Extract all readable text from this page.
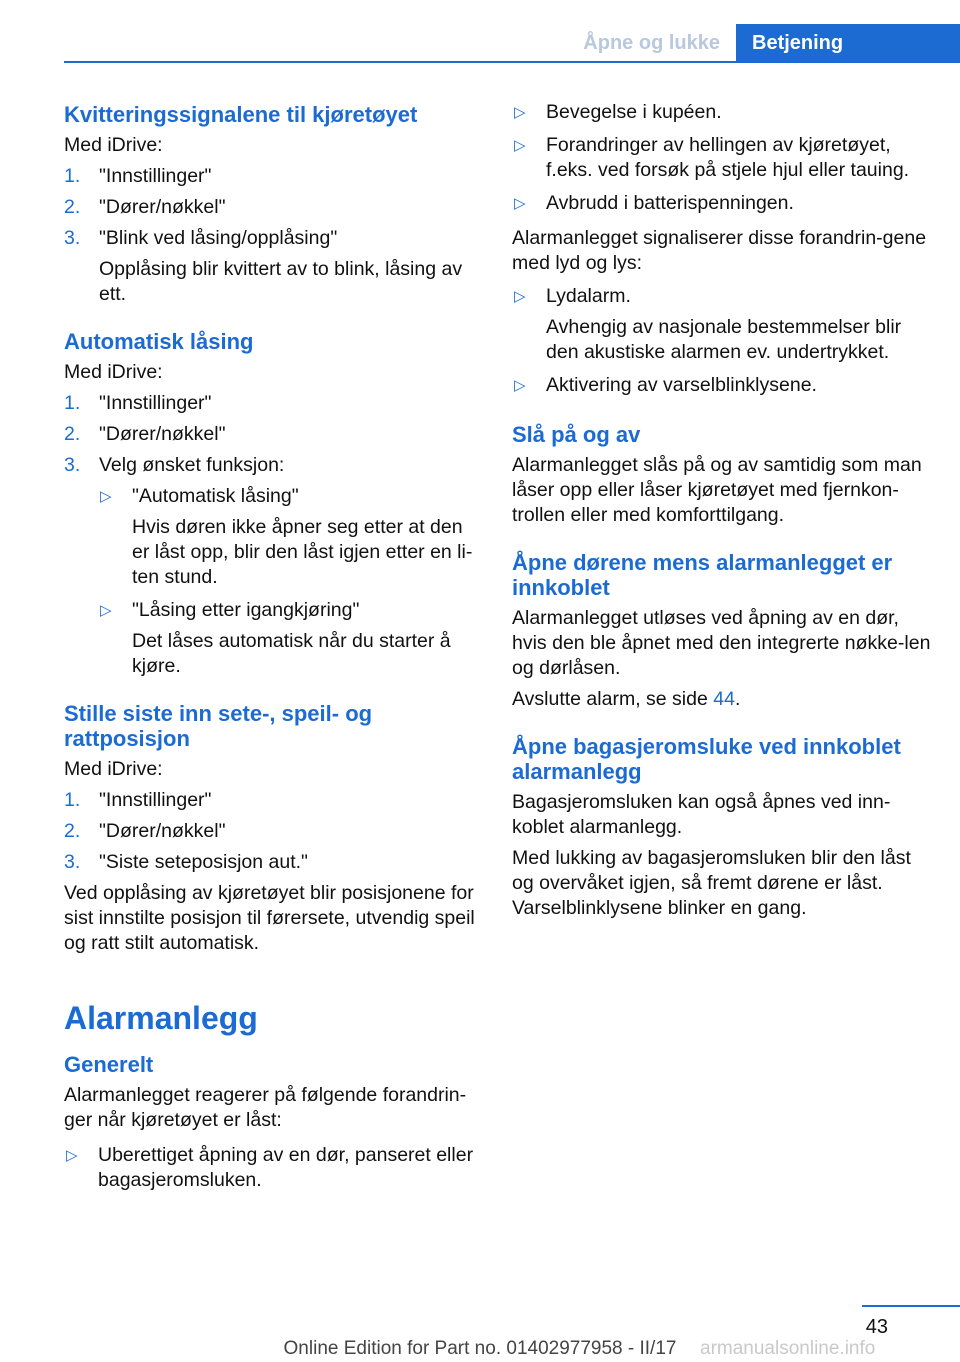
Åpne og lukke	Betjening
Kvitteringssignalene til kjøretøyet

Med iDrive:

1. "Innstillinger"
2. "Dører/nøkkel"
3. "Blink ved låsing/opplåsing"
Opplåsing blir kvittert av to blink, låsing av ett.
Automatisk låsing

Med iDrive:

1. "Innstillinger"
2. "Dører/nøkkel"
3. Velg ønsket funksjon:
▷ "Automatisk låsing"
Hvis døren ikke åpner seg etter at den er låst opp, blir den låst igjen etter en li‐ten stund.
▷ "Låsing etter igangkjøring"
Det låses automatisk når du starter å kjøre.
Stille siste inn sete-, speil- og rattposisjon

Med iDrive:

1. "Innstillinger"
2. "Dører/nøkkel"
3. "Siste seteposisjon aut."

Ved opplåsing av kjøretøyet blir posisjonene for sist innstilte posisjon til førersete, utvendig speil og ratt stilt automatisk.

Alarmanlegg
Generelt

Alarmanlegget reagerer på følgende forandrin‐ger når kjøretøyet er låst:

▷ Uberettiget åpning av en dør, panseret eller bagasjeromsluken.
▷ Bevegelse i kupéen.
▷ Forandringer av hellingen av kjøretøyet, f.eks. ved forsøk på stjele hjul eller tauing.
▷ Avbrudd i batterispenningen.

Alarmanlegget signaliserer disse forandrin‐gene med lyd og lys:

▷ Lydalarm.
Avhengig av nasjonale bestemmelser blir den akustiske alarmen ev. undertrykket.
▷ Aktivering av varselblinklysene.
Slå på og av

Alarmanlegget slås på og av samtidig som man låser opp eller låser kjøretøyet med fjernkon‐trollen eller med komforttilgang.

Åpne dørene mens alarmanlegget er innkoblet

Alarmanlegget utløses ved åpning av en dør, hvis den ble åpnet med den integrerte nøkke‐len og dørlåsen.

Avslutte alarm, se side 44.

Åpne bagasjeromsluke ved innkoblet alarmanlegg

Bagasjeromsluken kan også åpnes ved inn‐koblet alarmanlegg.

Med lukking av bagasjeromsluken blir den låst og overvåket igjen, så fremt dørene er låst. Varselblinklysene blinker en gang.

43
Online Edition for Part no. 01402977958 - II/17	armanualsonline.info
